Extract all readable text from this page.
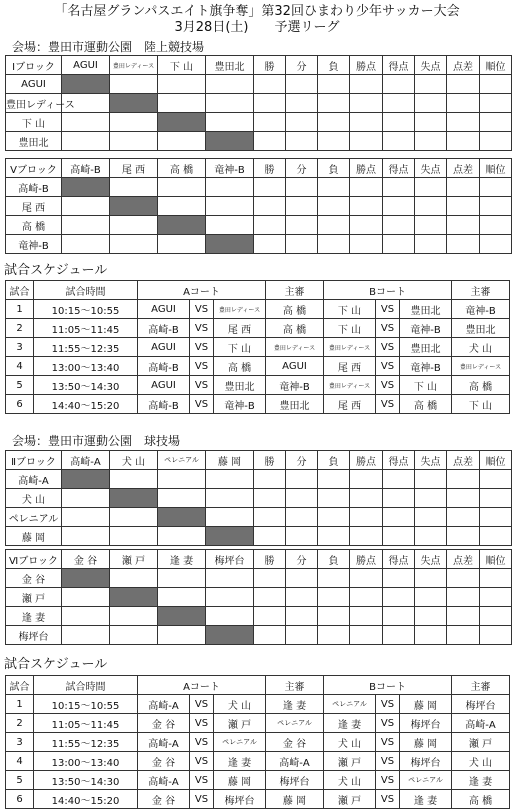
「名古屋グランパスエイト旗争奪」第32回ひまわり少年サッカー大会
3月28日(土)　　予選リーグ
会場：豊田市運動公園　陸上競技場
Ⅰブロック	AGUI	豊田レディース	下 山	豊田北	勝	分	負	勝点	得点	失点	点差	順位
AGUI												
豊田レディース												
下 山												
豊田北												
Ⅴブロック	高崎-B	尾 西	高 橋	竜神-B	勝	分	負	勝点	得点	失点	点差	順位
高崎-B												
尾 西												
高 橋												
竜神-B												
試合スケジュール
試合	試合時間	Aコート			主審	Bコート			主審
1	10:15～10:55	AGUI	VS	豊田レディース	高 橋	下 山	VS	豊田北	竜神-B
2	11:05～11:45	高崎-B	VS	尾 西	高 橋	下 山	VS	竜神-B	豊田北
3	11:55～12:35	AGUI	VS	下 山	豊田レディース	豊田レディース	VS	豊田北	犬 山
4	13:00～13:40	高崎-B	VS	高 橋	AGUI	尾 西	VS	竜神-B	豊田レディース
5	13:50～14:30	AGUI	VS	豊田北	竜神-B	豊田レディース	VS	下 山	高 橋
6	14:40～15:20	高崎-B	VS	竜神-B	豊田北	尾 西	VS	高 橋	下 山
会場：豊田市運動公園　球技場
Ⅱブロック	高崎-A	犬 山	ペレニアル	藤 岡	勝	分	負	勝点	得点	失点	点差	順位
高崎-A												
犬 山												
ペレニアル												
藤 岡												
Ⅵブロック	金 谷	瀬 戸	逢 妻	梅坪台	勝	分	負	勝点	得点	失点	点差	順位
金 谷												
瀬 戸												
逢 妻												
梅坪台												
試合スケジュール
試合	試合時間	Aコート			主審	Bコート			主審
1	10:15～10:55	高崎-A	VS	犬 山	逢 妻	ペレニアル	VS	藤 岡	梅坪台
2	11:05～11:45	金 谷	VS	瀬 戸	ペレニアル	逢 妻	VS	梅坪台	高崎-A
3	11:55～12:35	高崎-A	VS	ペレニアル	金 谷	犬 山	VS	藤 岡	瀬 戸
4	13:00～13:40	金 谷	VS	逢 妻	高崎-A	瀬 戸	VS	梅坪台	犬 山
5	13:50～14:30	高崎-A	VS	藤 岡	梅坪台	犬 山	VS	ペレニアル	逢 妻
6	14:40～15:20	金 谷	VS	梅坪台	藤 岡	瀬 戸	VS	逢 妻	高 橋
